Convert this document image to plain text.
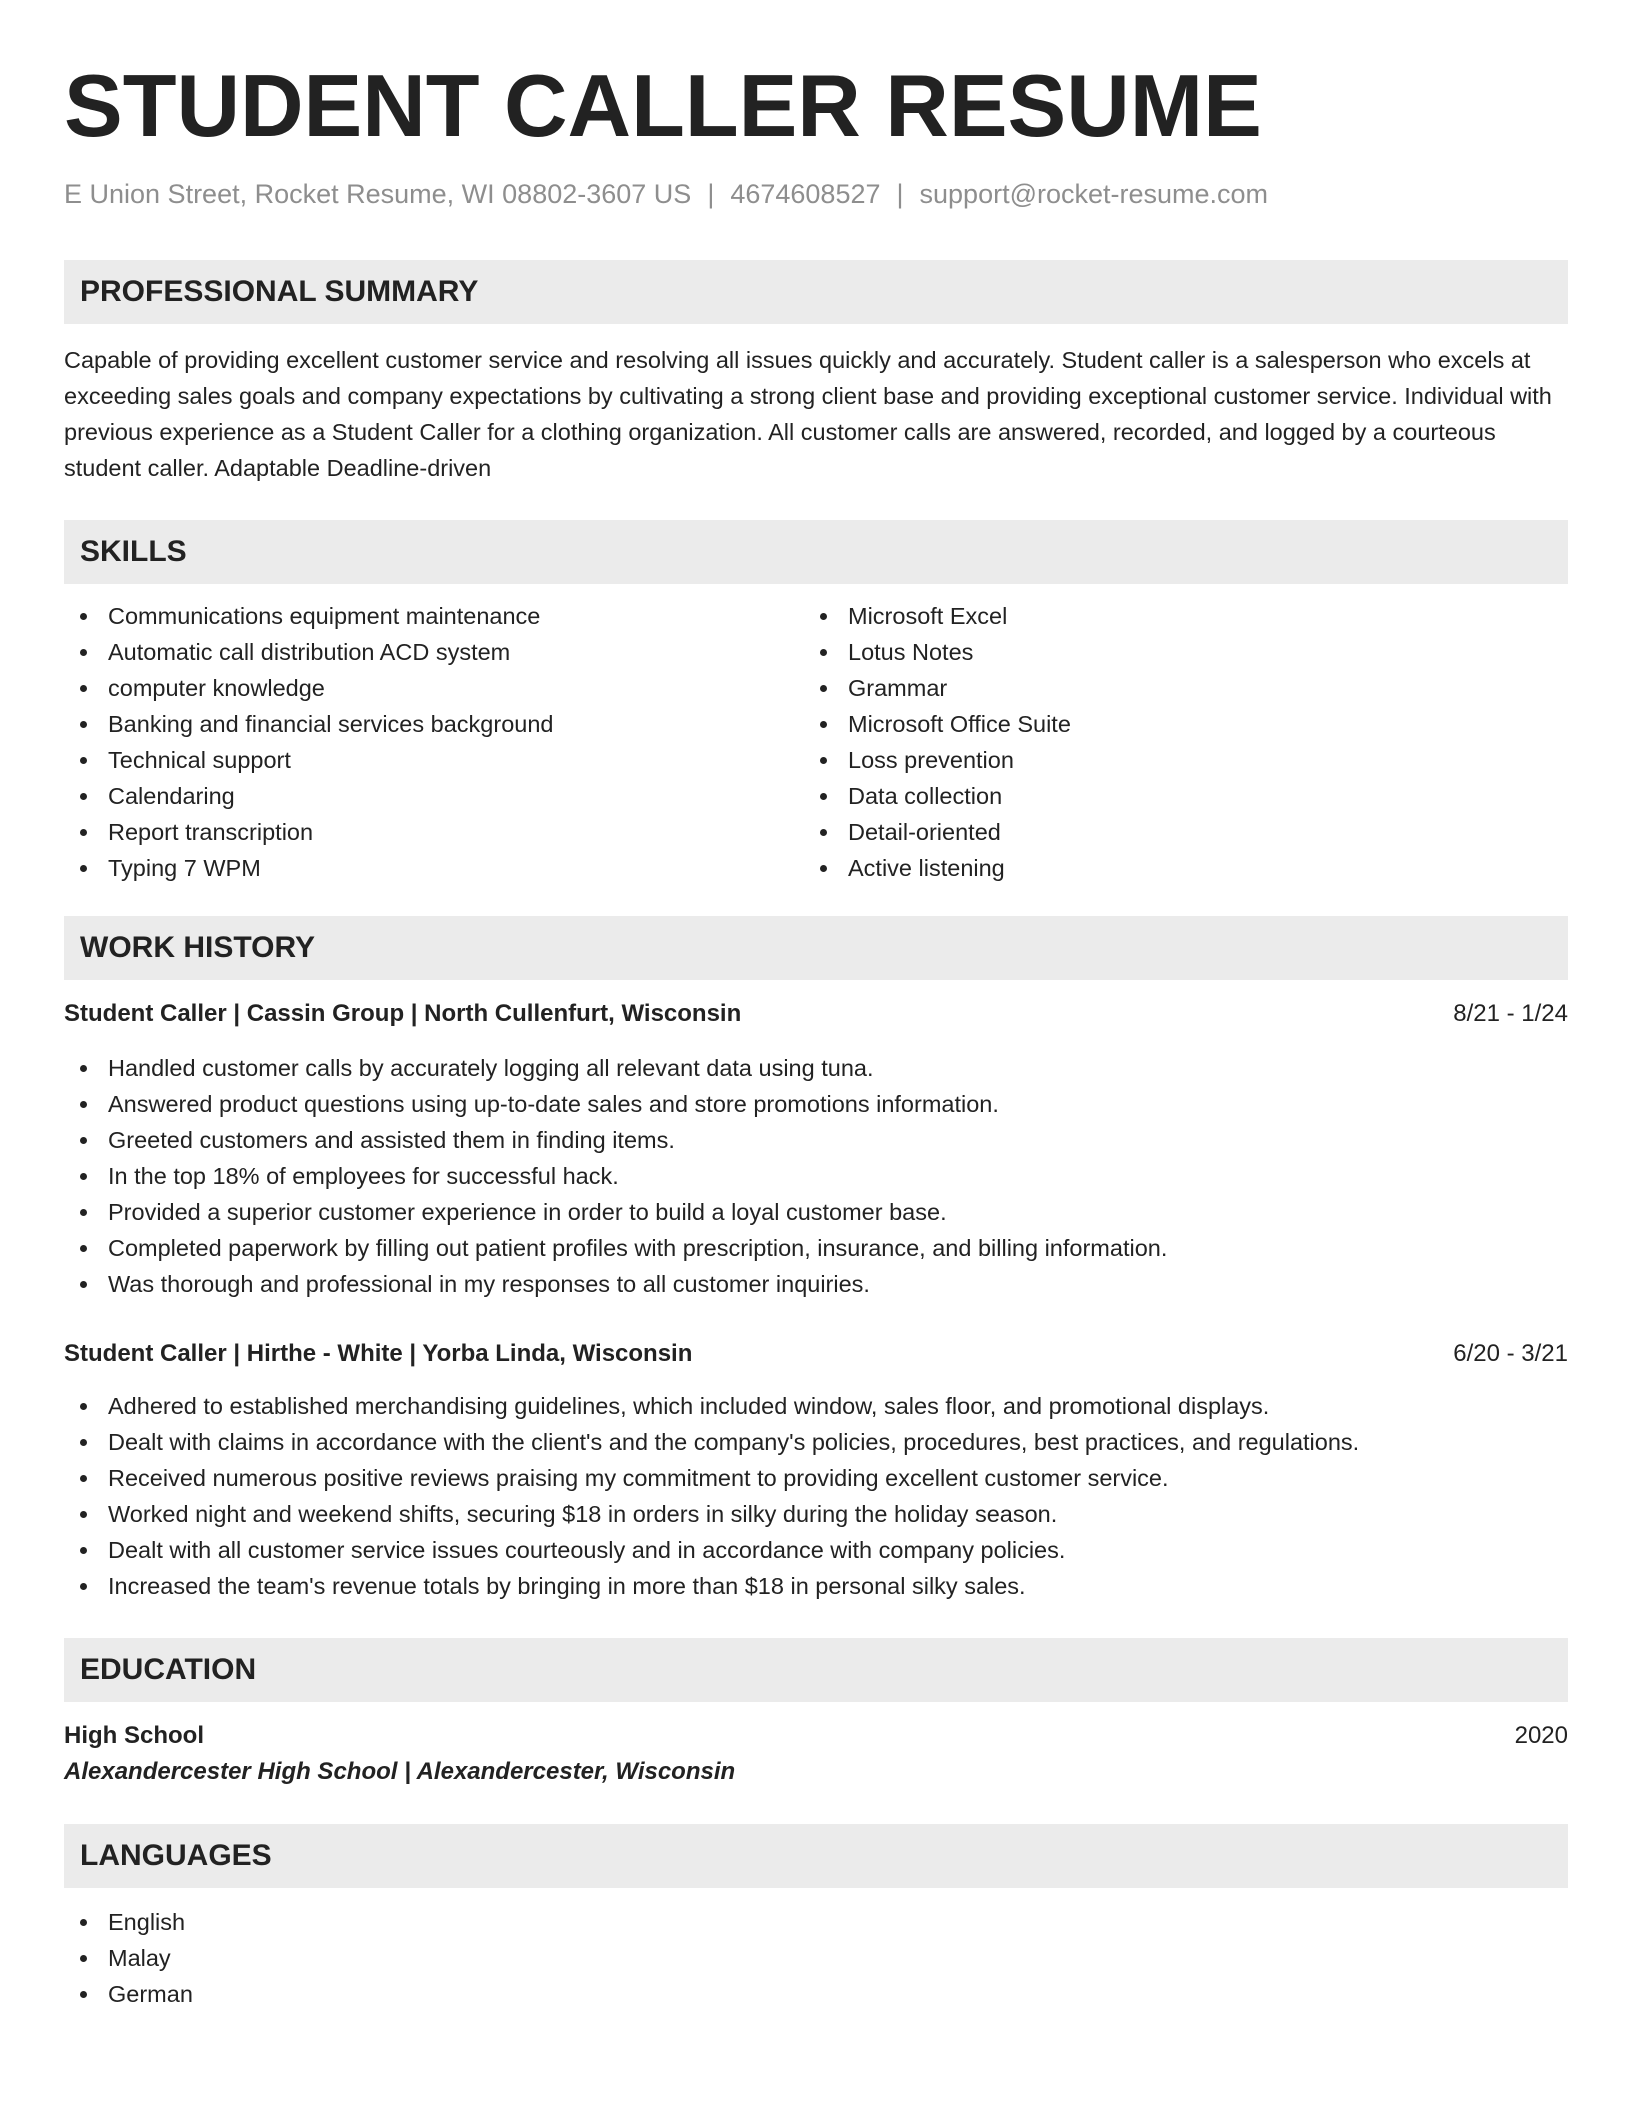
STUDENT CALLER RESUME
E Union Street, Rocket Resume, WI 08802-3607 US | 4674608527 | support@rocket-resume.com
PROFESSIONAL SUMMARY
Capable of providing excellent customer service and resolving all issues quickly and accurately. Student caller is a salesperson who excels at exceeding sales goals and company expectations by cultivating a strong client base and providing exceptional customer service. Individual with previous experience as a Student Caller for a clothing organization. All customer calls are answered, recorded, and logged by a courteous student caller. Adaptable Deadline-driven
SKILLS
Communications equipment maintenance
Automatic call distribution ACD system
computer knowledge
Banking and financial services background
Technical support
Calendaring
Report transcription
Typing 7 WPM
Microsoft Excel
Lotus Notes
Grammar
Microsoft Office Suite
Loss prevention
Data collection
Detail-oriented
Active listening
WORK HISTORY
Student Caller | Cassin Group | North Cullenfurt, Wisconsin	8/21 - 1/24
Handled customer calls by accurately logging all relevant data using tuna.
Answered product questions using up-to-date sales and store promotions information.
Greeted customers and assisted them in finding items.
In the top 18% of employees for successful hack.
Provided a superior customer experience in order to build a loyal customer base.
Completed paperwork by filling out patient profiles with prescription, insurance, and billing information.
Was thorough and professional in my responses to all customer inquiries.
Student Caller | Hirthe - White | Yorba Linda, Wisconsin	6/20 - 3/21
Adhered to established merchandising guidelines, which included window, sales floor, and promotional displays.
Dealt with claims in accordance with the client's and the company's policies, procedures, best practices, and regulations.
Received numerous positive reviews praising my commitment to providing excellent customer service.
Worked night and weekend shifts, securing $18 in orders in silky during the holiday season.
Dealt with all customer service issues courteously and in accordance with company policies.
Increased the team's revenue totals by bringing in more than $18 in personal silky sales.
EDUCATION
High School	2020
Alexandercester High School | Alexandercester, Wisconsin
LANGUAGES
English
Malay
German
